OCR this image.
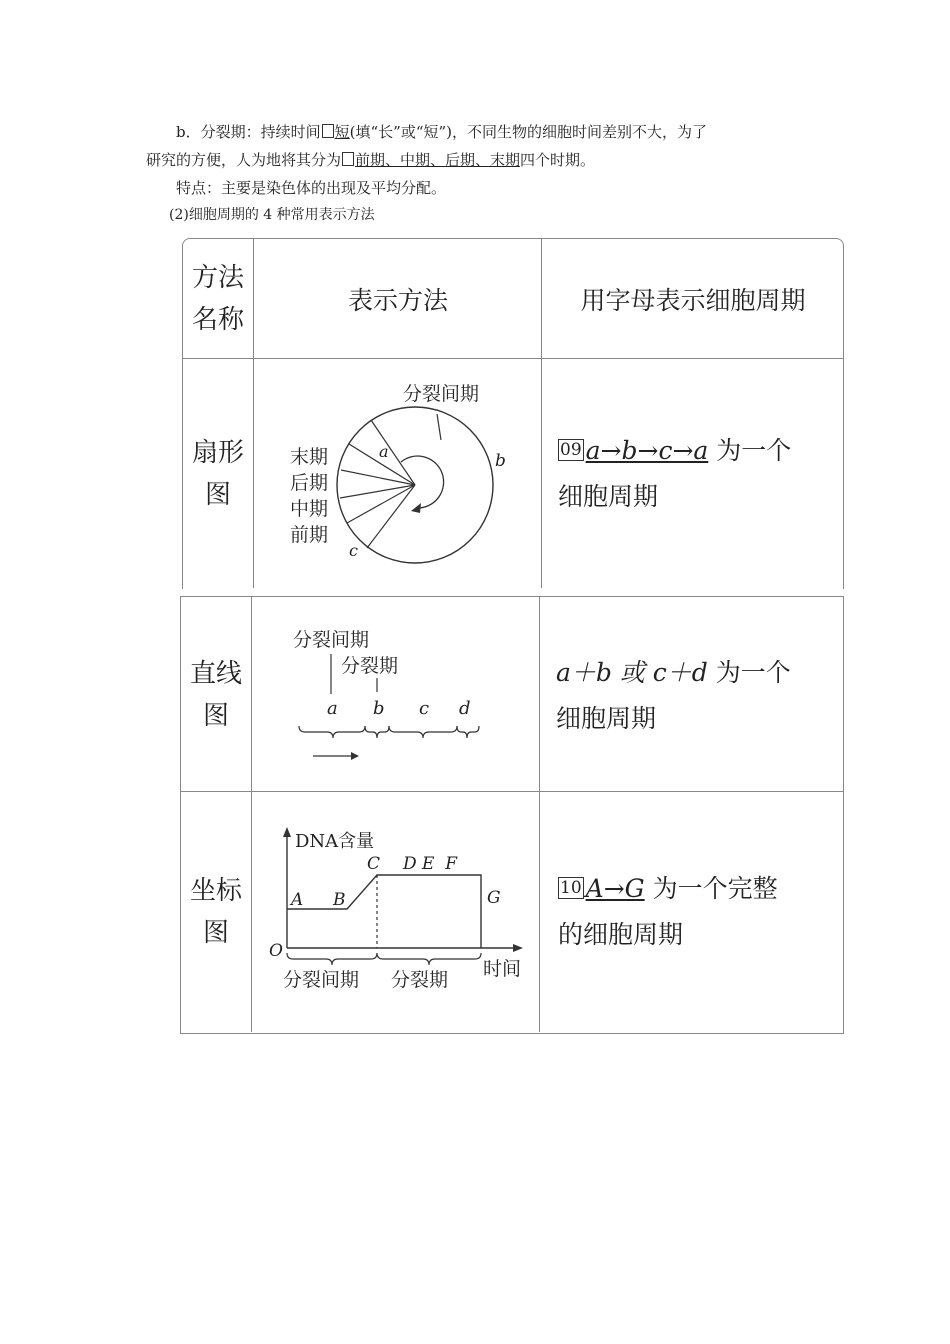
b．分裂期：持续时间 短(填“长”或“短”)，不同生物的细胞时间差别不大，为了
研究的方便，人为地将其分为 前期、中期、后期、末期四个时期。
特点：主要是染色体的出现及平均分配。
(2)细胞周期的 4 种常用表示方法
方法
名称
表示方法	用字母表示细胞周期
扇形
图
分裂间期
a	b
c
末期
后期
中期
前期
09 a→b→c→a 为一个
细胞周期
直线
图
分裂间期
分裂期
a b c d
a＋b 或 c＋d 为一个
细胞周期
坐标
图
DNA含量
时间
O
A B
C D E  F
G
分裂间期 分裂期
10 A→G 为一个完整
的细胞周期
